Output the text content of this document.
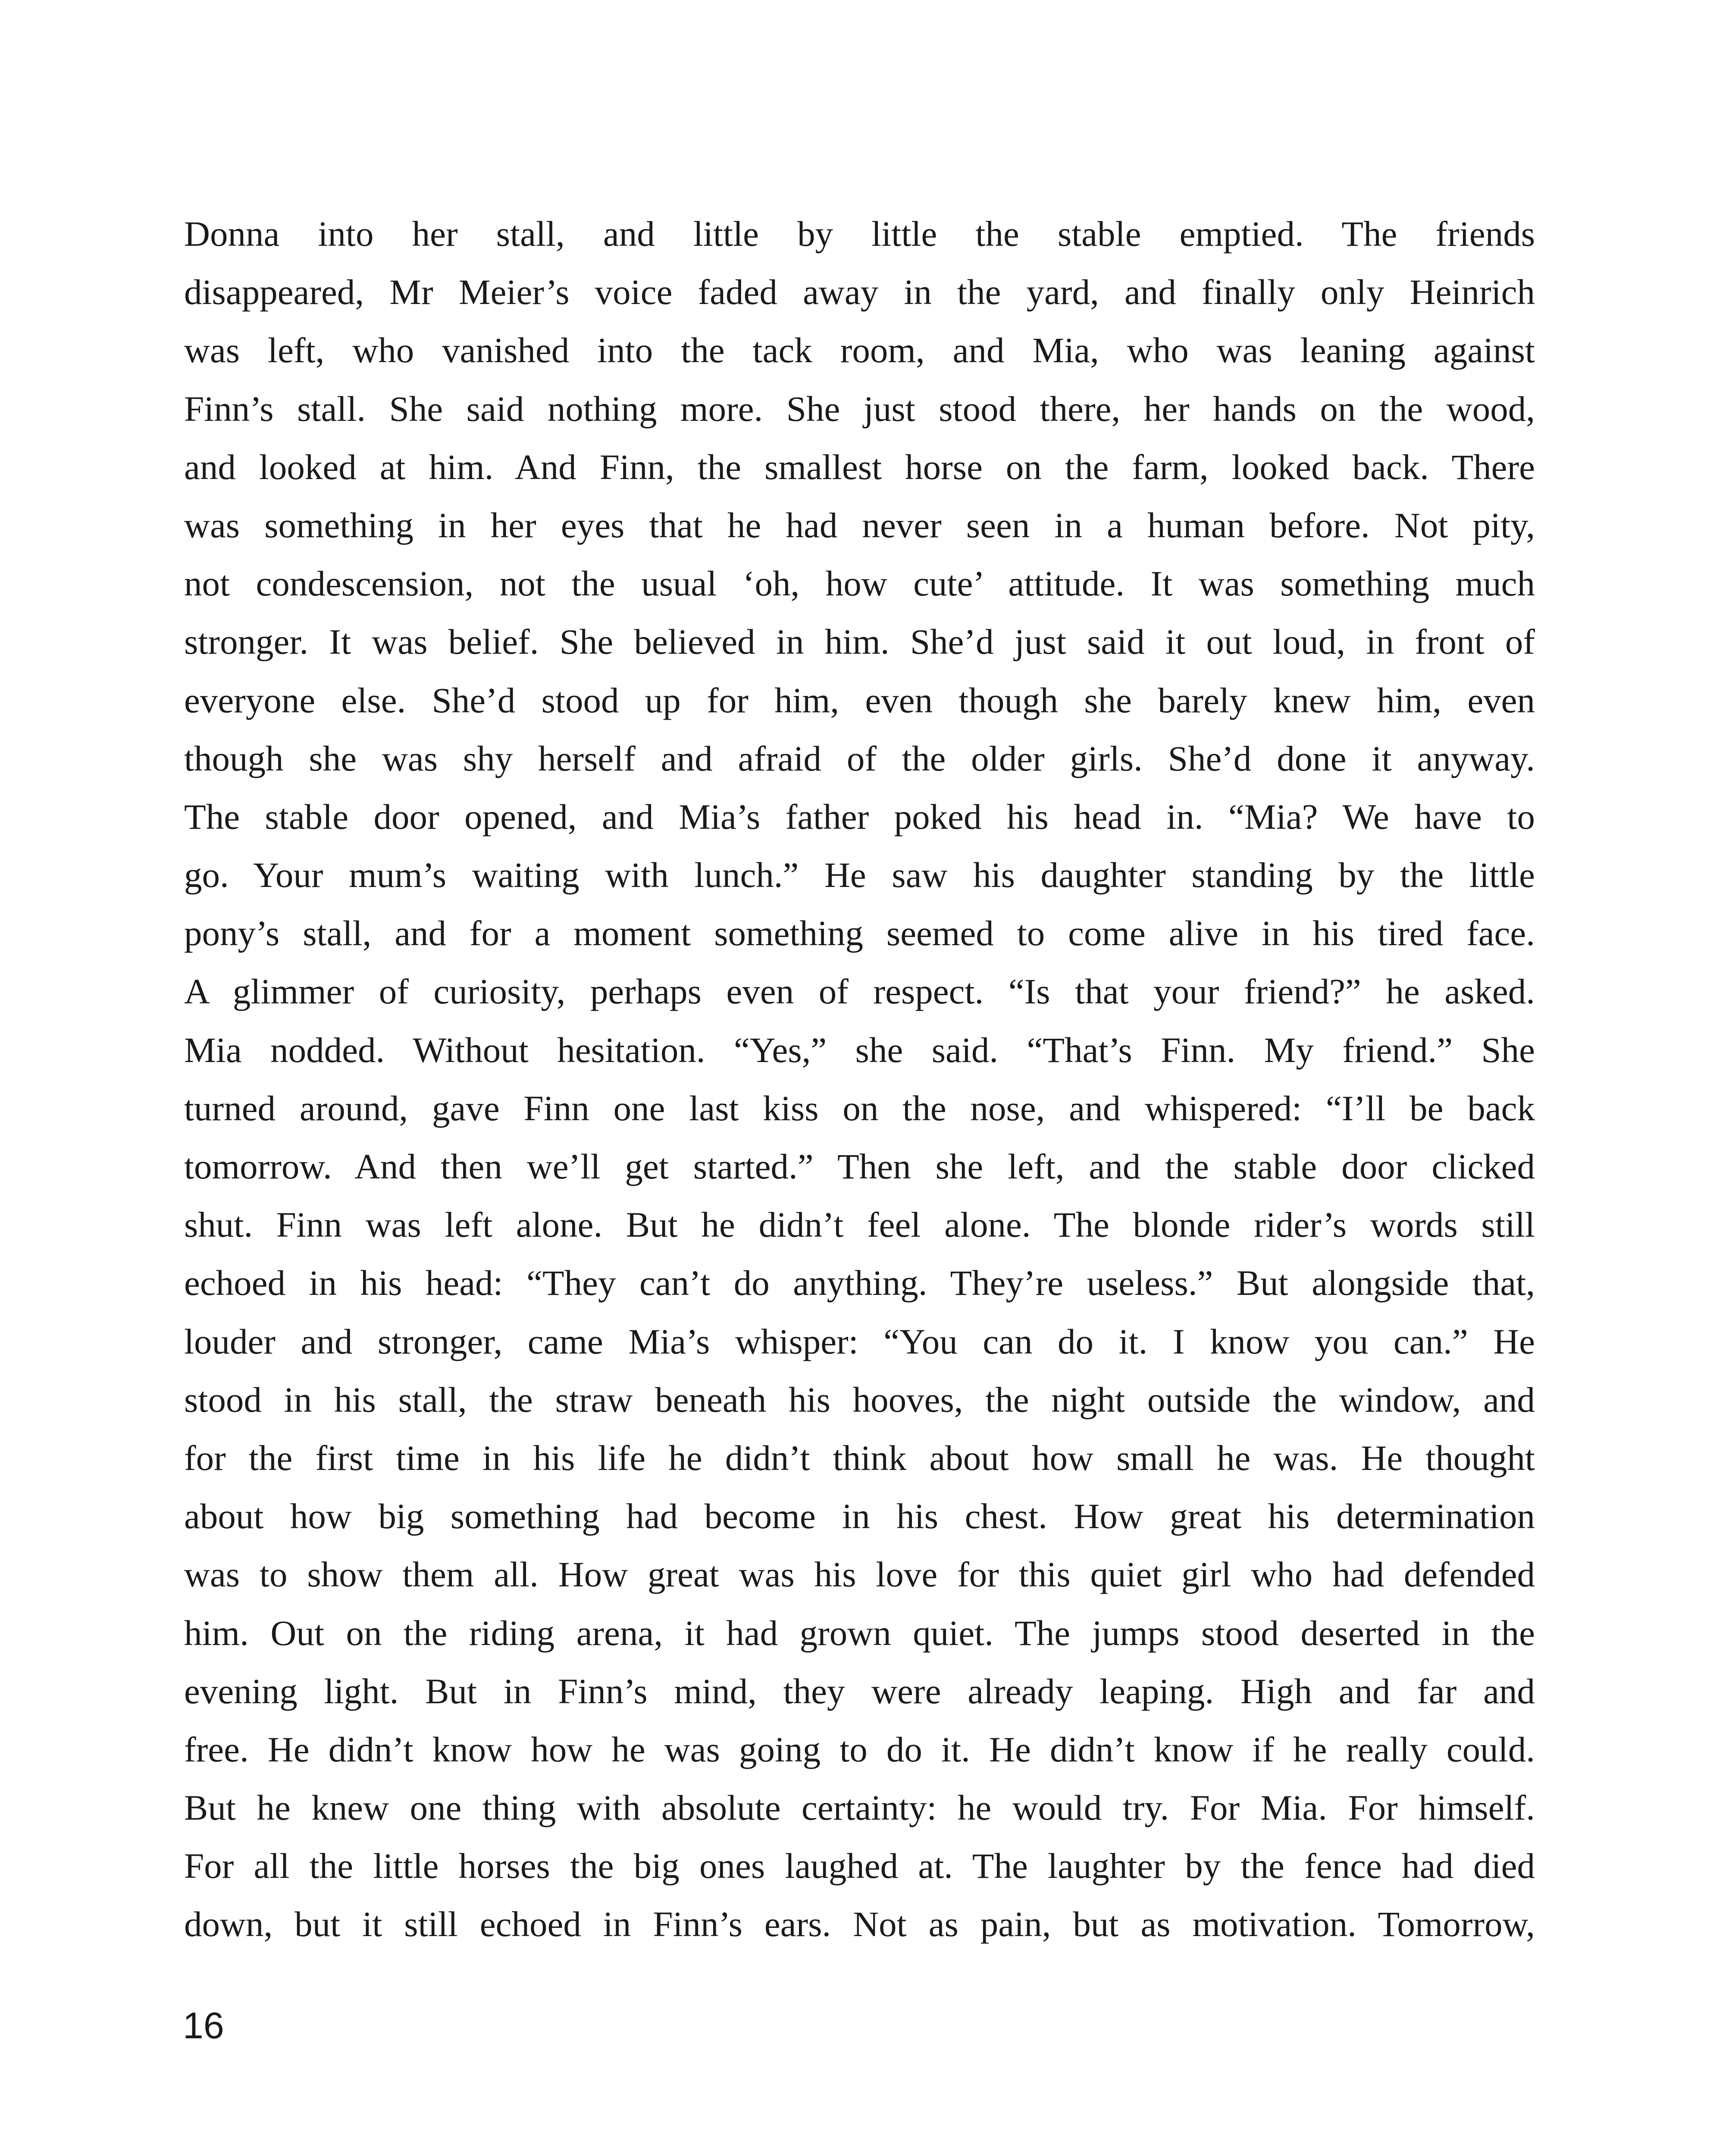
Donna into her stall, and little by little the stable emptied. The friends
disappeared, Mr Meier’s voice faded away in the yard, and finally only Heinrich
was left, who vanished into the tack room, and Mia, who was leaning against
Finn’s stall. She said nothing more. She just stood there, her hands on the wood,
and looked at him. And Finn, the smallest horse on the farm, looked back. There
was something in her eyes that he had never seen in a human before. Not pity,
not condescension, not the usual ‘oh, how cute’ attitude. It was something much
stronger. It was belief. She believed in him. She’d just said it out loud, in front of
everyone else. She’d stood up for him, even though she barely knew him, even
though she was shy herself and afraid of the older girls. She’d done it anyway.
The stable door opened, and Mia’s father poked his head in. “Mia? We have to
go. Your mum’s waiting with lunch.” He saw his daughter standing by the little
pony’s stall, and for a moment something seemed to come alive in his tired face.
A glimmer of curiosity, perhaps even of respect. “Is that your friend?” he asked.
Mia nodded. Without hesitation. “Yes,” she said. “That’s Finn. My friend.” She
turned around, gave Finn one last kiss on the nose, and whispered: “I’ll be back
tomorrow. And then we’ll get started.” Then she left, and the stable door clicked
shut. Finn was left alone. But he didn’t feel alone. The blonde rider’s words still
echoed in his head: “They can’t do anything. They’re useless.” But alongside that,
louder and stronger, came Mia’s whisper: “You can do it. I know you can.” He
stood in his stall, the straw beneath his hooves, the night outside the window, and
for the first time in his life he didn’t think about how small he was. He thought
about how big something had become in his chest. How great his determination
was to show them all. How great was his love for this quiet girl who had defended
him. Out on the riding arena, it had grown quiet. The jumps stood deserted in the
evening light. But in Finn’s mind, they were already leaping. High and far and
free. He didn’t know how he was going to do it. He didn’t know if he really could.
But he knew one thing with absolute certainty: he would try. For Mia. For himself.
For all the little horses the big ones laughed at. The laughter by the fence had died
down, but it still echoed in Finn’s ears. Not as pain, but as motivation. Tomorrow,
16
